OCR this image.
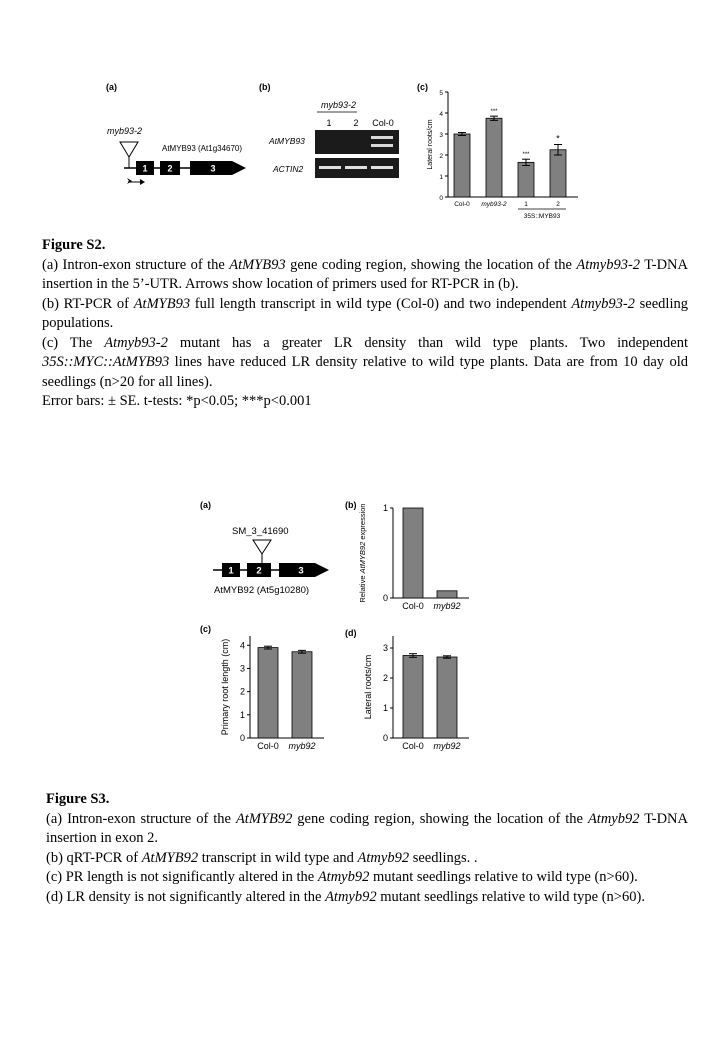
(a)	(b)	(c)
myb93-2
AtMYB93 (At1g34670)
1 2	3
myb93-2
1 2 Col-0
AtMYB93
ACTIN2
0
1
2
3
4
5
Lateral roots/cm
Col-0
***
myb93-2
***
1
*
2
35S::MYB93

Figure S2.

(a) Intron-exon structure of the AtMYB93 gene coding region, showing the location of the Atmyb93-2 T-DNA insertion in the 5’-UTR. Arrows show location of primers used for RT-PCR in (b).

(b) RT-PCR of AtMYB93 full length transcript in wild type (Col-0) and two independent Atmyb93-2 seedling populations.

(c) The Atmyb93-2 mutant has a greater LR density than wild type plants. Two independent 35S::MYC::AtMYB93 lines have reduced LR density relative to wild type plants. Data are from 10 day old seedlings (n>20 for all lines).

Error bars: ± SE. t-tests: *p<0.05; ***p<0.001

(a)	(b)
(c)	(d)
SM_3_41690
1 2	3
AtMYB92 (At5g10280)
0
1
Relative AtMYB92 expression
Col-0 myb92
0
1
2
3
4
Primary root length (cm)
Col-0 myb92
0
1
2
3
Lateral roots/cm
Col-0 myb92

Figure S3.

(a) Intron-exon structure of the AtMYB92 gene coding region, showing the location of the Atmyb92 T-DNA insertion in exon 2.

(b) qRT-PCR of AtMYB92 transcript in wild type and Atmyb92 seedlings. .

(c) PR length is not significantly altered in the Atmyb92 mutant seedlings relative to wild type (n>60).

(d) LR density is not significantly altered in the Atmyb92 mutant seedlings relative to wild type (n>60).
